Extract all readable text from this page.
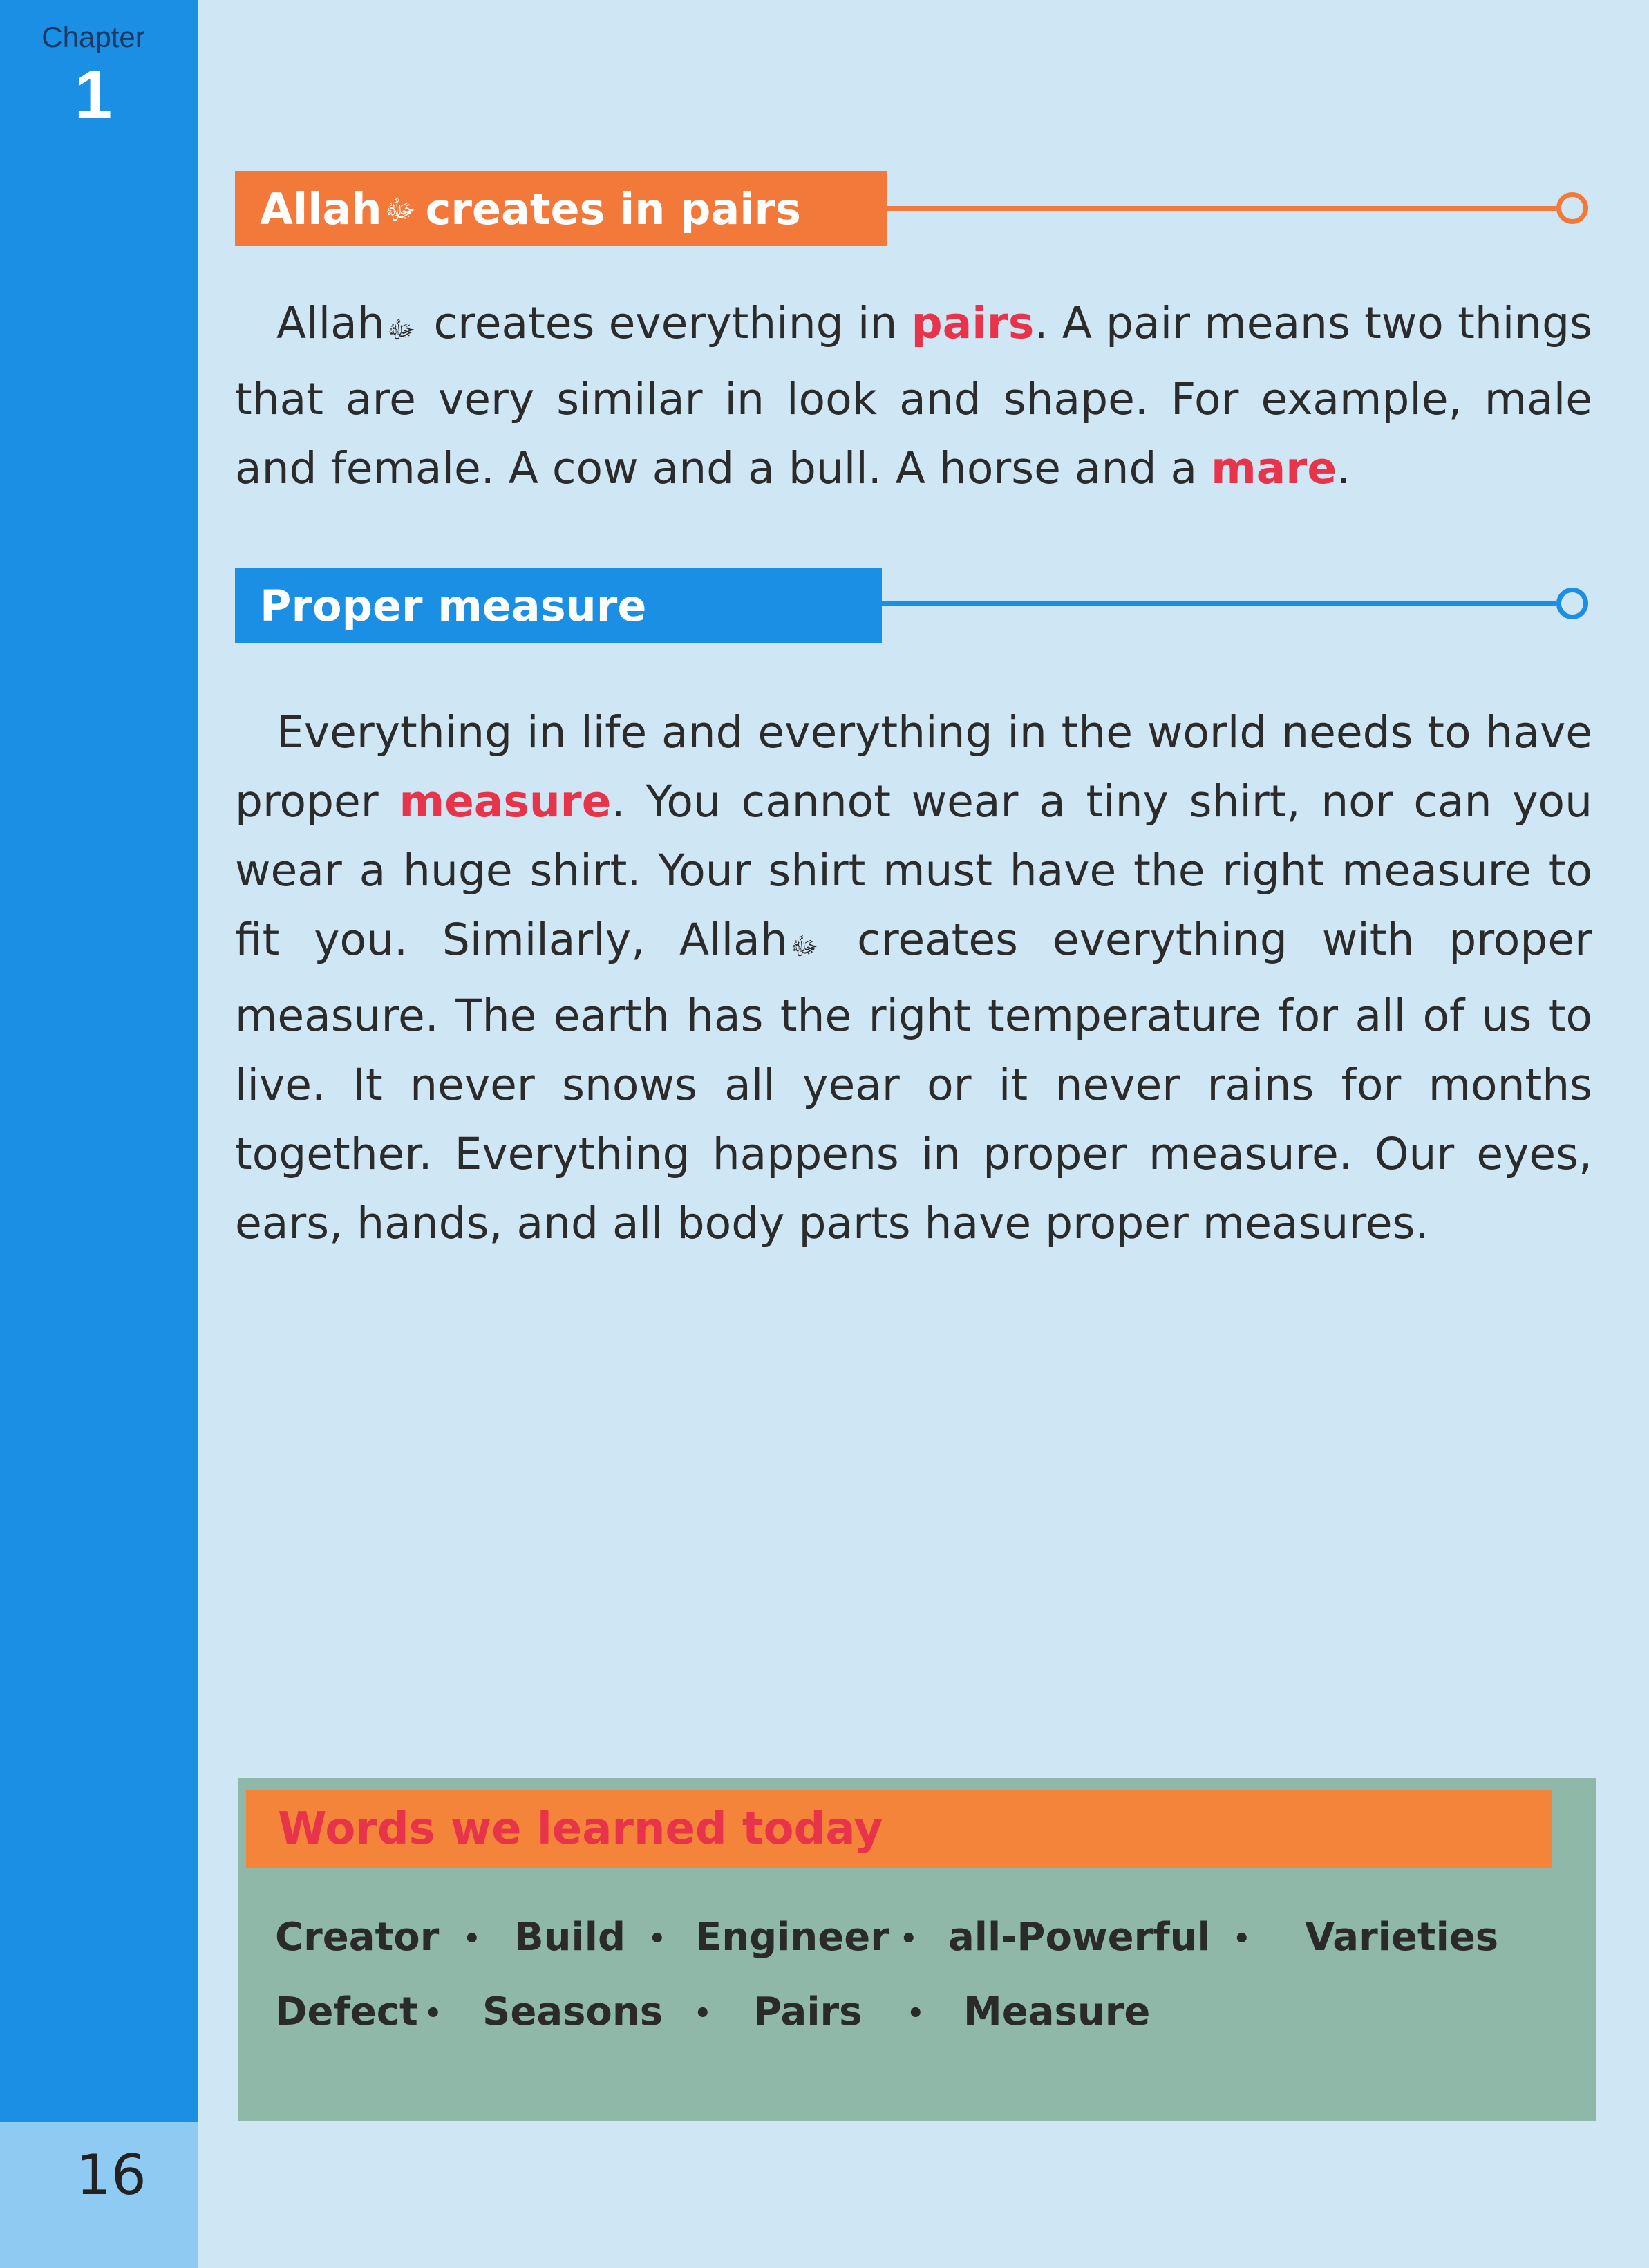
Chapter
1
16
Allah ﷻ creates in pairs

Allah ﷻ creates everything in pairs. A pair means two things that are very similar in look and shape. For example, male and female. A cow and a bull. A horse and a mare.

Proper measure

Everything in life and everything in the world needs to have proper measure. You cannot wear a tiny shirt, nor can you wear a huge shirt. Your shirt must have the right measure to fit you. Similarly, Allah ﷻ creates everything with proper measure. The earth has the right temperature for all of us to live. It never snows all year or it never rains for months together. Everything happens in proper measure. Our eyes, ears, hands, and all body parts have proper measures.

Words we learned today
Creator • Build • Engineer • all-Powerful • Varieties
Defect • Seasons • Pairs • Measure
